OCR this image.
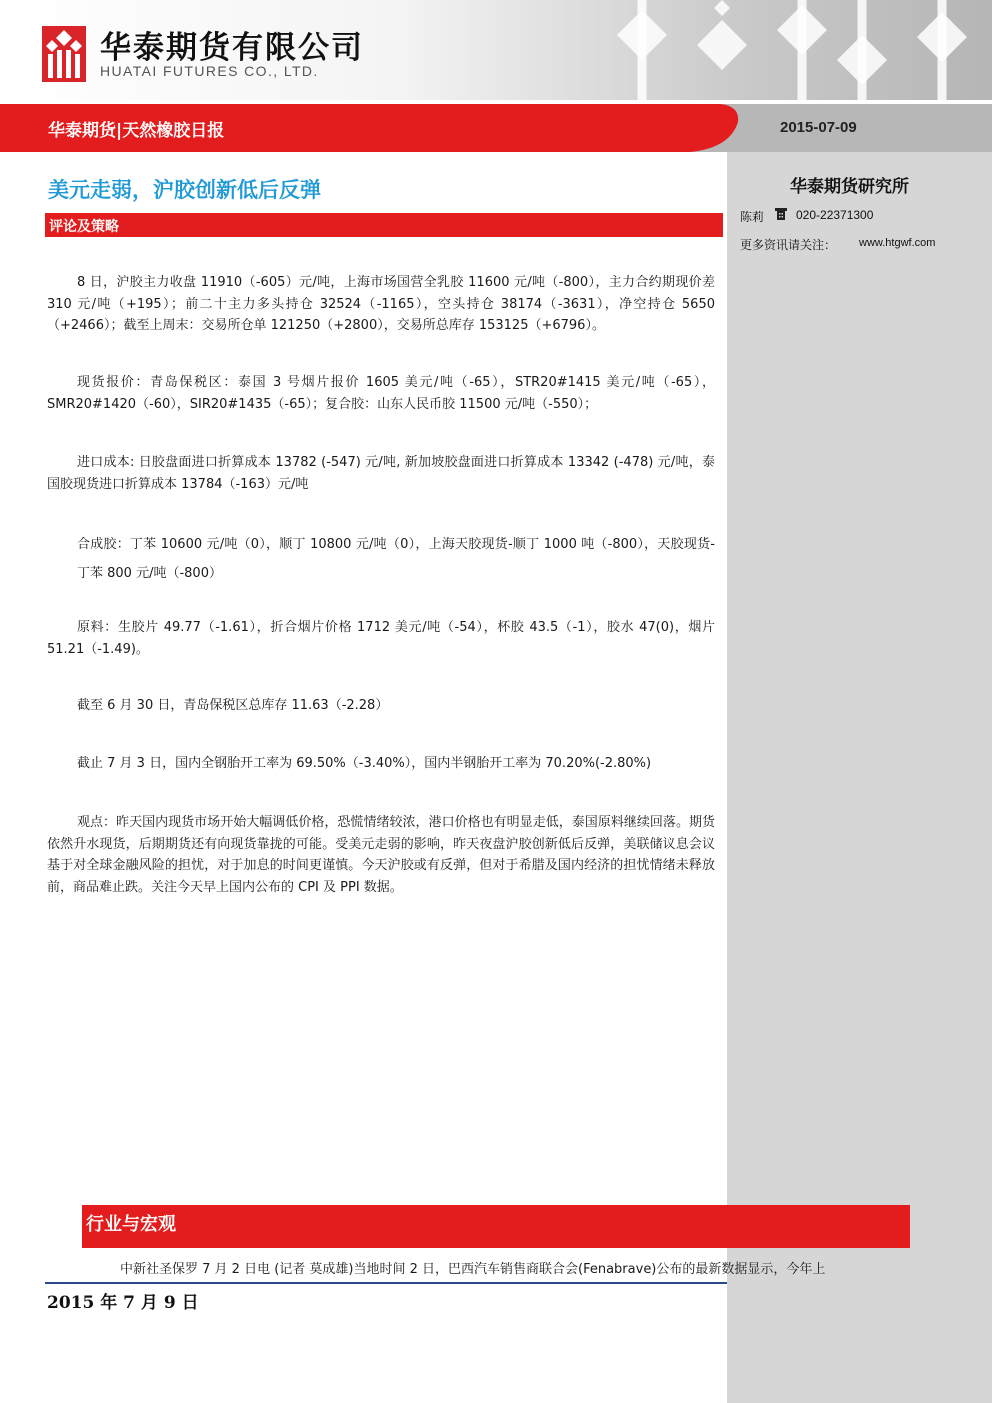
华泰期货有限公司
HUATAI FUTURES CO., LTD.
华泰期货|天然橡胶日报	2015-07-09
华泰期货研究所
陈莉	020-22371300
更多资讯请关注： www.htgwf.com
美元走弱，沪胶创新低后反弹
评论及策略

8 日，沪胶主力收盘 11910（-605）元/吨，上海市场国营全乳胶 11600 元/吨（-800），主力合约期现价差 310 元/吨（+195）；前二十主力多头持仓 32524（-1165），空头持仓 38174（-3631），净空持仓 5650（+2466）；截至上周末：交易所仓单 121250（+2800），交易所总库存 153125（+6796）。

现货报价：青岛保税区：泰国 3 号烟片报价 1605 美元/吨（-65），STR20#1415 美元/吨（-65），SMR20#1420（-60），SIR20#1435（-65）；复合胶：山东人民币胶 11500 元/吨（-550）；

进口成本: 日胶盘面进口折算成本 13782 (-547) 元/吨, 新加坡胶盘面进口折算成本 13342 (-478) 元/吨，泰国胶现货进口折算成本 13784（-163）元/吨

合成胶：丁苯 10600 元/吨（0），顺丁 10800 元/吨（0），上海天胶现货-顺丁 1000 吨（-800），天胶现货-丁苯 800 元/吨（-800）

原料：生胶片 49.77（-1.61），折合烟片价格 1712 美元/吨（-54），杯胶 43.5（-1），胶水 47(0)，烟片 51.21（-1.49)。

截至 6 月 30 日，青岛保税区总库存 11.63（-2.28）

截止 7 月 3 日，国内全钢胎开工率为 69.50%（-3.40%），国内半钢胎开工率为 70.20%(-2.80%)

观点：昨天国内现货市场开始大幅调低价格，恐慌情绪较浓，港口价格也有明显走低，泰国原料继续回落。期货依然升水现货，后期期货还有向现货靠拢的可能。受美元走弱的影响，昨天夜盘沪胶创新低后反弹，美联储议息会议基于对全球金融风险的担忧，对于加息的时间更谨慎。今天沪胶或有反弹，但对于希腊及国内经济的担忧情绪未释放前，商品难止跌。关注今天早上国内公布的 CPI 及 PPI 数据。

行业与宏观
中新社圣保罗 7 月 2 日电 (记者 莫成雄)当地时间 2 日，巴西汽车销售商联合会(Fenabrave)公布的最新数据显示，今年上
2015 年 7 月 9 日
